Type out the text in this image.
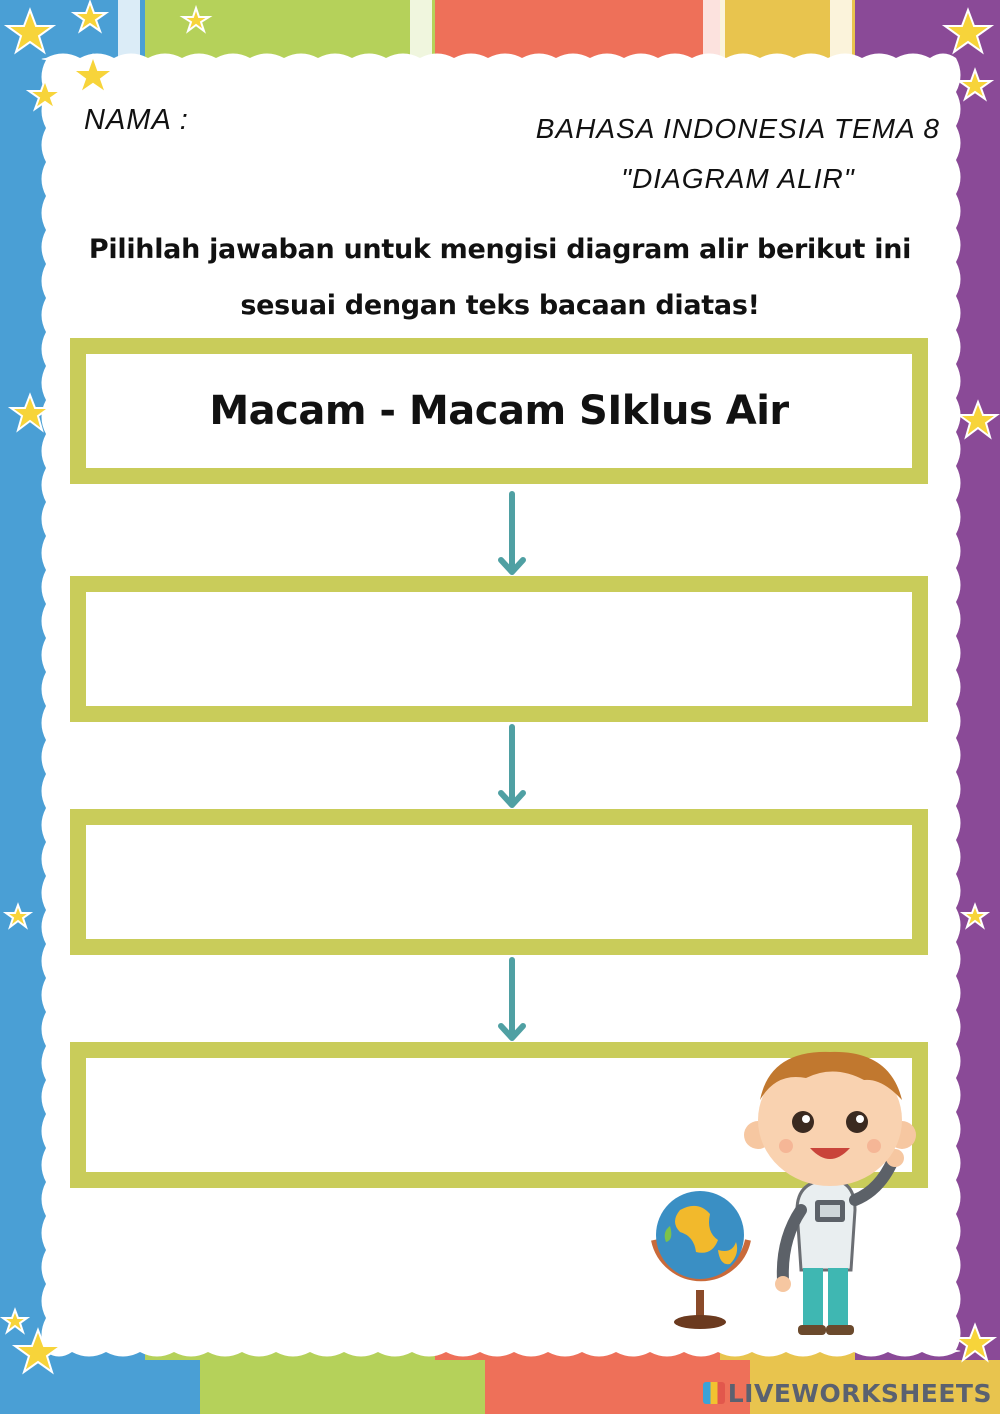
NAMA :	BAHASA INDONESIA TEMA 8
"DIAGRAM ALIR"
Pilihlah jawaban untuk mengisi diagram alir berikut ini
sesuai dengan teks bacaan diatas!
Macam - Macam SIklus Air
LIVEWORKSHEETS
